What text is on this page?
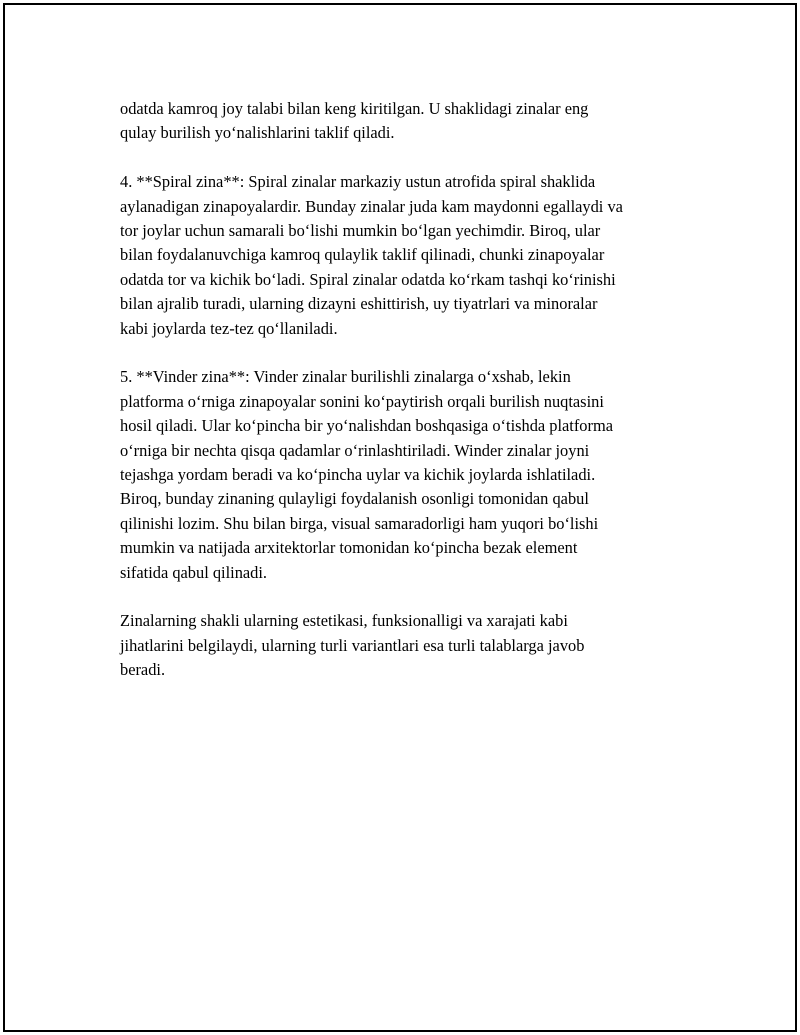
odatda kamroq joy talabi bilan keng kiritilgan. U shaklidagi zinalar eng
qulay burilish yo‘nalishlarini taklif qiladi.
4. **Spiral zina**: Spiral zinalar markaziy ustun atrofida spiral shaklida
aylanadigan zinapoyalardir. Bunday zinalar juda kam maydonni egallaydi va
tor joylar uchun samarali bo‘lishi mumkin bo‘lgan yechimdir. Biroq, ular
bilan foydalanuvchiga kamroq qulaylik taklif qilinadi, chunki zinapoyalar
odatda tor va kichik bo‘ladi. Spiral zinalar odatda ko‘rkam tashqi ko‘rinishi
bilan ajralib turadi, ularning dizayni eshittirish, uy tiyatrlari va minoralar
kabi joylarda tez-tez qo‘llaniladi.
5. **Vinder zina**: Vinder zinalar burilishli zinalarga o‘xshab, lekin
platforma o‘rniga zinapoyalar sonini ko‘paytirish orqali burilish nuqtasini
hosil qiladi. Ular ko‘pincha bir yo‘nalishdan boshqasiga o‘tishda platforma
o‘rniga bir nechta qisqa qadamlar o‘rinlashtiriladi. Winder zinalar joyni
tejashga yordam beradi va ko‘pincha uylar va kichik joylarda ishlatiladi.
Biroq, bunday zinaning qulayligi foydalanish osonligi tomonidan qabul
qilinishi lozim. Shu bilan birga, visual samaradorligi ham yuqori bo‘lishi
mumkin va natijada arxitektorlar tomonidan ko‘pincha bezak element
sifatida qabul qilinadi.
Zinalarning shakli ularning estetikasi, funksionalligi va xarajati kabi
jihatlarini belgilaydi, ularning turli variantlari esa turli talablarga javob
beradi.
